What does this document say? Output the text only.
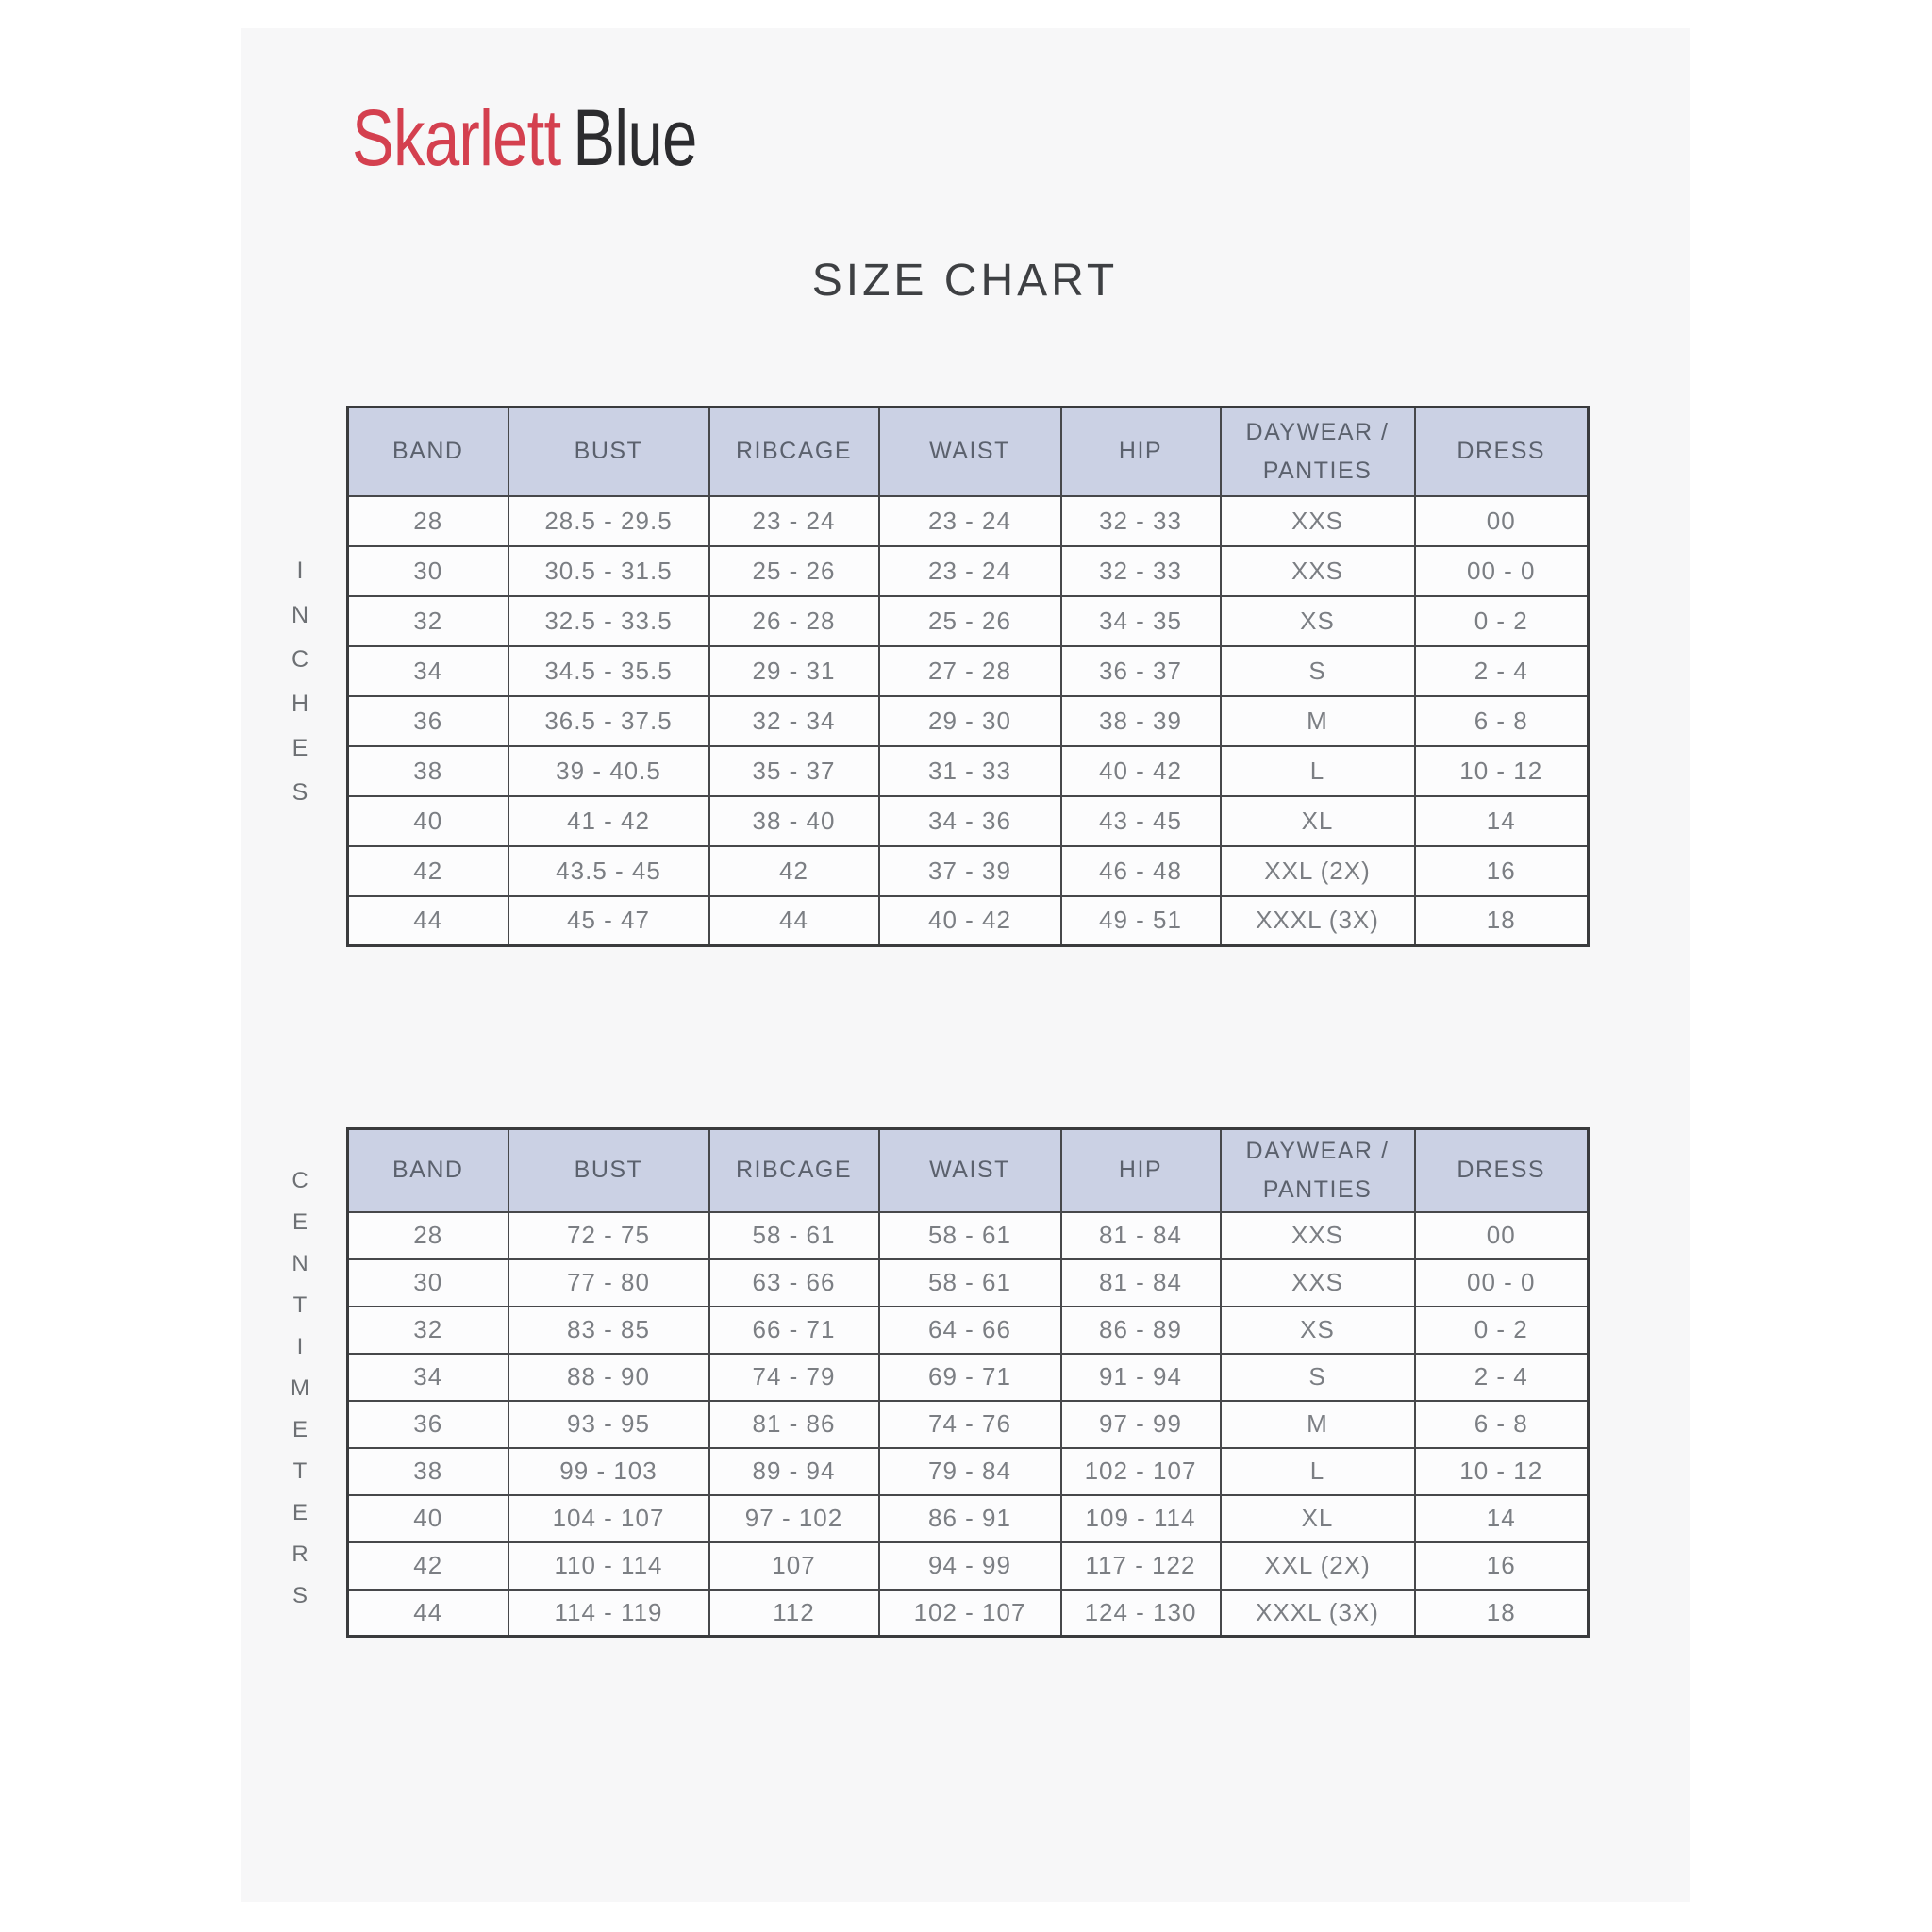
Skarlett Blue
SIZE CHART
I
N
C
H
E
S
BAND	BUST	RIBCAGE	WAIST	HIP	DAYWEAR / PANTIES	DRESS
28	28.5 - 29.5	23 - 24	23 - 24	32 - 33	XXS	00
30	30.5 - 31.5	25 - 26	23 - 24	32 - 33	XXS	00 - 0
32	32.5 - 33.5	26 - 28	25 - 26	34 - 35	XS	0 - 2
34	34.5 - 35.5	29 - 31	27 - 28	36 - 37	S	2 - 4
36	36.5 - 37.5	32 - 34	29 - 30	38 - 39	M	6 - 8
38	39 - 40.5	35 - 37	31 - 33	40 - 42	L	10 - 12
40	41 - 42	38 - 40	34 - 36	43 - 45	XL	14
42	43.5 - 45	42	37 - 39	46 - 48	XXL (2X)	16
44	45 - 47	44	40 - 42	49 - 51	XXXL (3X)	18
C
E
N
T
I
M
E
T
E
R
S
BAND	BUST	RIBCAGE	WAIST	HIP	DAYWEAR / PANTIES	DRESS
28	72 - 75	58 - 61	58 - 61	81 - 84	XXS	00
30	77 - 80	63 - 66	58 - 61	81 - 84	XXS	00 - 0
32	83 - 85	66 - 71	64 - 66	86 - 89	XS	0 - 2
34	88 - 90	74 - 79	69 - 71	91 - 94	S	2 - 4
36	93 - 95	81 - 86	74 - 76	97 - 99	M	6 - 8
38	99 - 103	89 - 94	79 - 84	102 - 107	L	10 - 12
40	104 - 107	97 - 102	86 - 91	109 - 114	XL	14
42	110 - 114	107	94 - 99	117 - 122	XXL (2X)	16
44	114 - 119	112	102 - 107	124 - 130	XXXL (3X)	18
